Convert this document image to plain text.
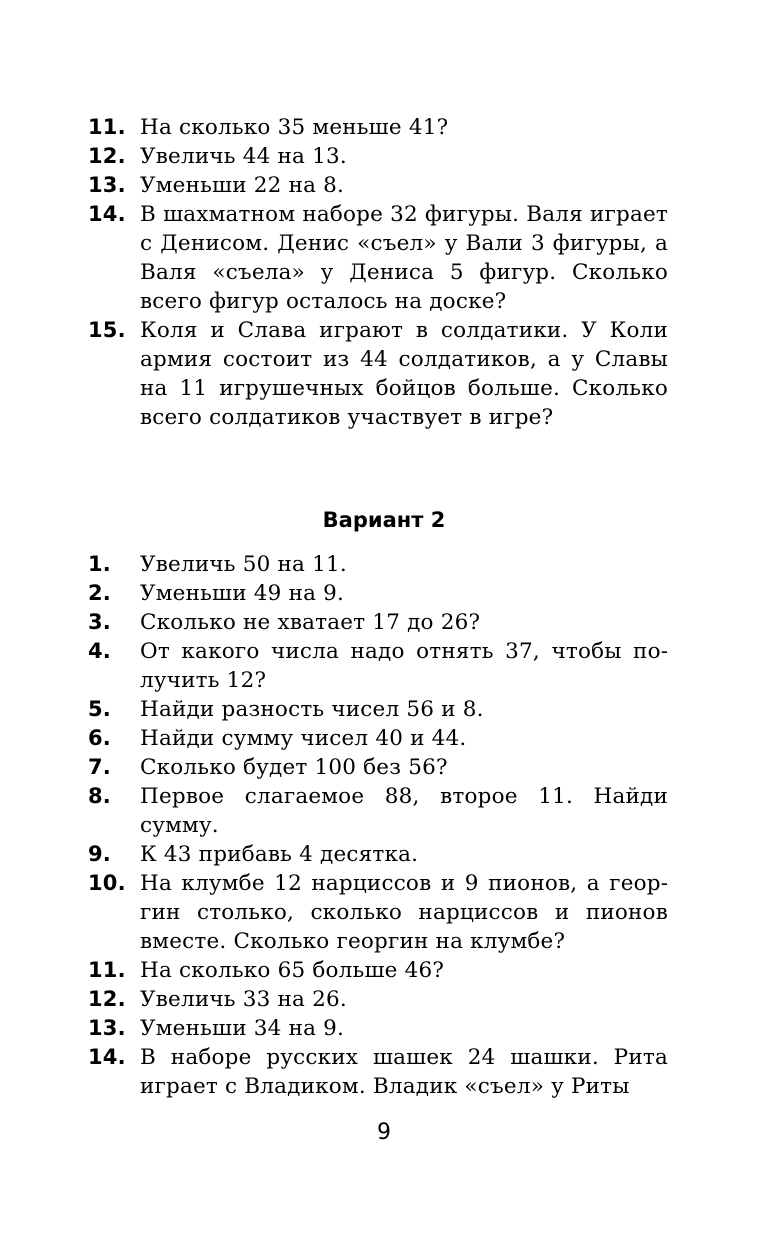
11. На сколько 35 меньше 41?
12. Увеличь 44 на 13.
13. Уменьши 22 на 8.
14. В шахматном наборе 32 фигуры. Валя играет с Денисом. Денис «съел» у Вали 3 фигуры, а Валя «съела» у Дениса 5 фигур. Сколько всего фигур осталось на доске?
15. Коля и Слава играют в солдатики. У Коли армия состоит из 44 солдатиков, а у Славы на 11 игрушечных бойцов больше. Сколько всего солдатиков участвует в игре?
Вариант 2
1.	Увеличь 50 на 11.
2.	Уменьши 49 на 9.
3.	Сколько не хватает 17 до 26?
4.	От какого числа надо отнять 37, чтобы получить 12?
5.	Найди разность чисел 56 и 8.
6.	Найди сумму чисел 40 и 44.
7.	Сколько будет 100 без 56?
8.	Первое слагаемое 88, второе 11. Найди сумму.
9.	К 43 прибавь 4 десятка.
10. На клумбе 12 нарциссов и 9 пионов, а георгин столько, сколько нарциссов и пионов вместе. Сколько георгин на клумбе?
11. На сколько 65 больше 46?
12. Увеличь 33 на 26.
13. Уменьши 34 на 9.
14. В наборе русских шашек 24 шашки. Рита играет с Владиком. Владик «съел» у Риты
9
